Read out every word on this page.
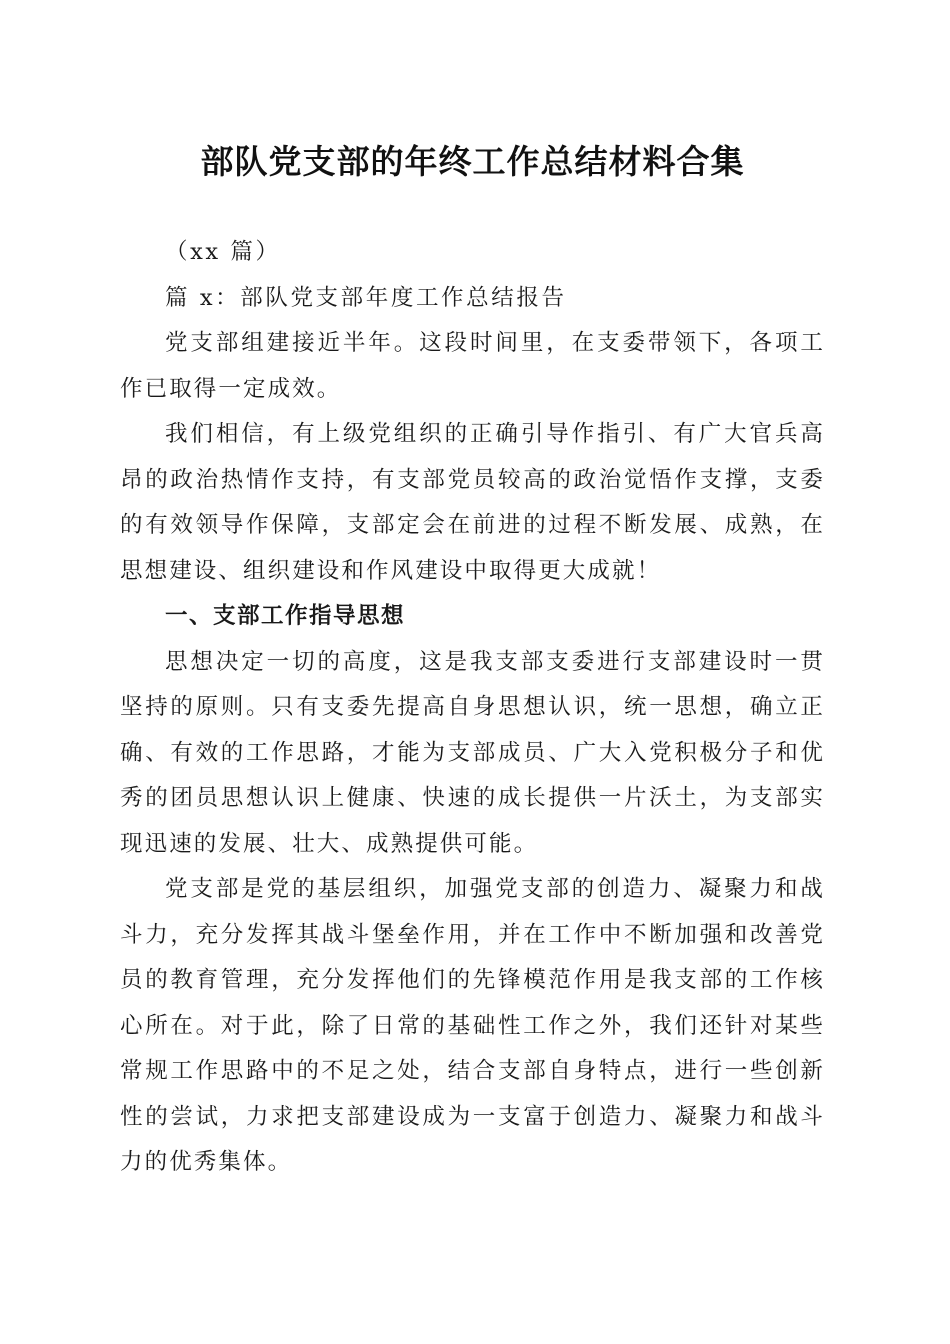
部队党支部的年终工作总结材料合集

（xx 篇）

篇 x：部队党支部年度工作总结报告

党支部组建接近半年。这段时间里，在支委带领下，各项工作已取得一定成效。

我们相信，有上级党组织的正确引导作指引、有广大官兵高昂的政治热情作支持，有支部党员较高的政治觉悟作支撑，支委的有效领导作保障，支部定会在前进的过程不断发展、成熟，在思想建设、组织建设和作风建设中取得更大成就！

一、支部工作指导思想

思想决定一切的高度，这是我支部支委进行支部建设时一贯坚持的原则。只有支委先提高自身思想认识，统一思想，确立正确、有效的工作思路，才能为支部成员、广大入党积极分子和优秀的团员思想认识上健康、快速的成长提供一片沃土，为支部实现迅速的发展、壮大、成熟提供可能。

党支部是党的基层组织，加强党支部的创造力、凝聚力和战斗力，充分发挥其战斗堡垒作用，并在工作中不断加强和改善党员的教育管理，充分发挥他们的先锋模范作用是我支部的工作核心所在。对于此，除了日常的基础性工作之外，我们还针对某些常规工作思路中的不足之处，结合支部自身特点，进行一些创新性的尝试，力求把支部建设成为一支富于创造力、凝聚力和战斗力的优秀集体。
